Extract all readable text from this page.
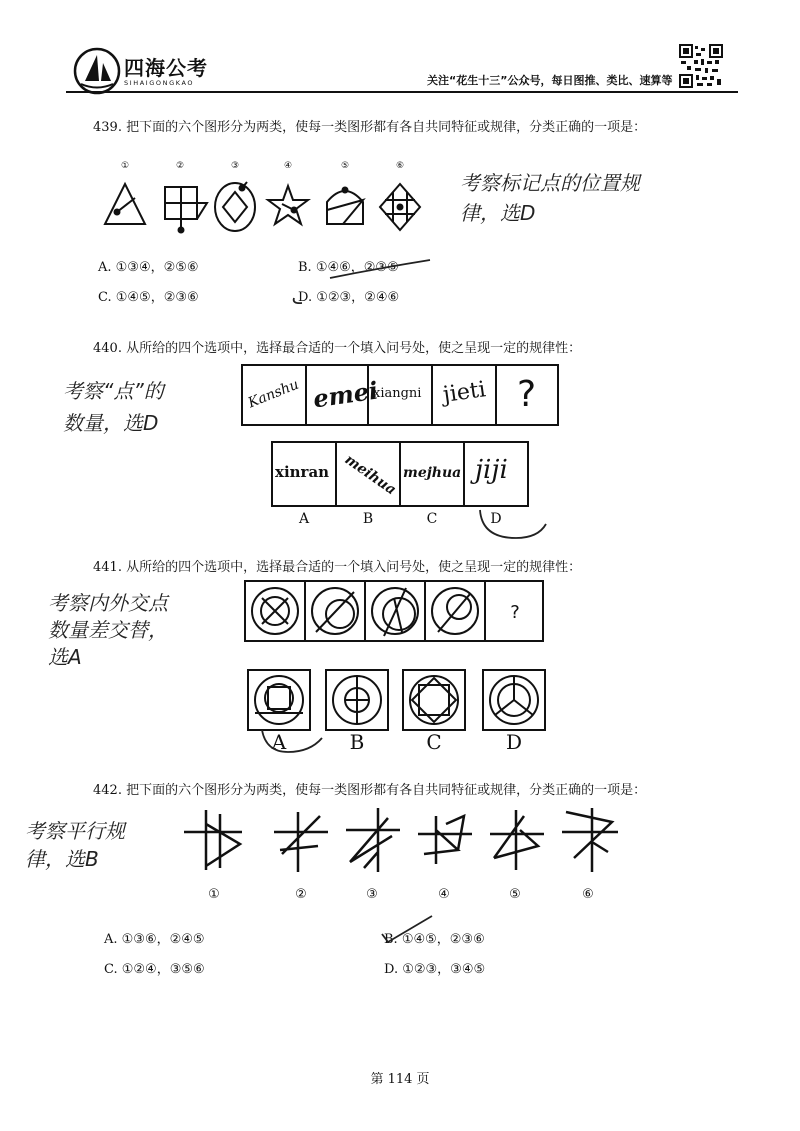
四海公考
SIHAIGONGKAO	关注“花生十三”公众号，每日图推、类比、速算等
439. 把下面的六个图形分为两类，使每一类图形都有各自共同特征或规律，分类正确的一项是：
①	②	③	④	⑤	⑥
考察标记点的位置规
律，选D
A. ①③④，②⑤⑥	B. ①④⑥，②③⑤
C. ①④⑤，②③⑥	D. ①②③，②④⑥
440. 从所给的四个选项中，选择最合适的一个填入问号处，使之呈现一定的规律性：
考察“点”的
数量，选D
Kanshu emei
xiangni jieti ?
xinran meihua mejhua jiji
A	B	C	D
441. 从所给的四个选项中，选择最合适的一个填入问号处，使之呈现一定的规律性：
考察内外交点
数量差交替，
选A
?
A	B	C	D
442. 把下面的六个图形分为两类，使每一类图形都有各自共同特征或规律，分类正确的一项是：
考察平行规
律，选B
①	②	③	④	⑤	⑥
A. ①③⑥，②④⑤	B. ①④⑤，②③⑥
C. ①②④，③⑤⑥	D. ①②③，③④⑤
第 114 页
